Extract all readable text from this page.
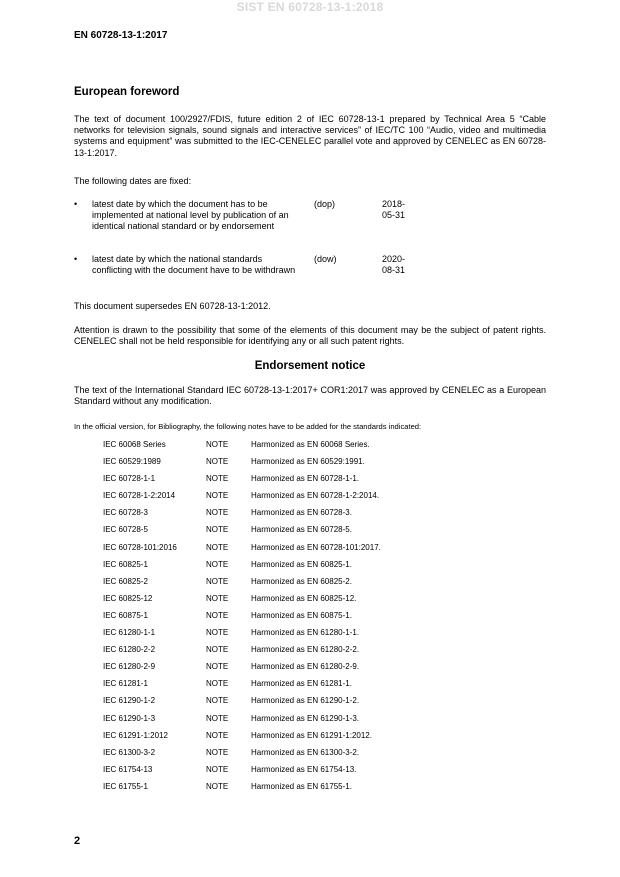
SIST EN 60728-13-1:2018
EN 60728-13-1:2017
European foreword
The text of document 100/2927/FDIS, future edition 2 of IEC 60728-13-1 prepared by Technical Area 5 “Cable networks for television signals, sound signals and interactive services” of IEC/TC 100 “Audio, video and multimedia systems and equipment” was submitted to the IEC-CENELEC parallel vote and approved by CENELEC as EN 60728-13-1:2017.
The following dates are fixed:
• latest date by which the document has to be implemented at national level by publication of an identical national standard or by endorsement
(dop)	2018-05-31
• latest date by which the national standards conflicting with the document have to be withdrawn
(dow)	2020-08-31
This document supersedes EN 60728-13-1:2012.
Attention is drawn to the possibility that some of the elements of this document may be the subject of patent rights. CENELEC shall not be held responsible for identifying any or all such patent rights.
Endorsement notice
The text of the International Standard IEC 60728-13-1:2017+ COR1:2017 was approved by CENELEC as a European Standard without any modification.
In the official version, for Bibliography, the following notes have to be added for the standards indicated:
IEC 60068 Series	NOTE	Harmonized as EN 60068 Series.
IEC 60529:1989	NOTE	Harmonized as EN 60529:1991.
IEC 60728-1-1	NOTE	Harmonized as EN 60728-1-1.
IEC 60728-1-2:2014	NOTE	Harmonized as EN 60728-1-2:2014.
IEC 60728-3	NOTE	Harmonized as EN 60728-3.
IEC 60728-5	NOTE	Harmonized as EN 60728-5.
IEC 60728-101:2016	NOTE	Harmonized as EN 60728-101:2017.
IEC 60825-1	NOTE	Harmonized as EN 60825-1.
IEC 60825-2	NOTE	Harmonized as EN 60825-2.
IEC 60825-12	NOTE	Harmonized as EN 60825-12.
IEC 60875-1	NOTE	Harmonized as EN 60875-1.
IEC 61280-1-1	NOTE	Harmonized as EN 61280-1-1.
IEC 61280-2-2	NOTE	Harmonized as EN 61280-2-2.
IEC 61280-2-9	NOTE	Harmonized as EN 61280-2-9.
IEC 61281-1	NOTE	Harmonized as EN 61281-1.
IEC 61290-1-2	NOTE	Harmonized as EN 61290-1-2.
IEC 61290-1-3	NOTE	Harmonized as EN 61290-1-3.
IEC 61291-1:2012	NOTE	Harmonized as EN 61291-1:2012.
IEC 61300-3-2	NOTE	Harmonized as EN 61300-3-2.
IEC 61754-13	NOTE	Harmonized as EN 61754-13.
IEC 61755-1	NOTE	Harmonized as EN 61755-1.
2
